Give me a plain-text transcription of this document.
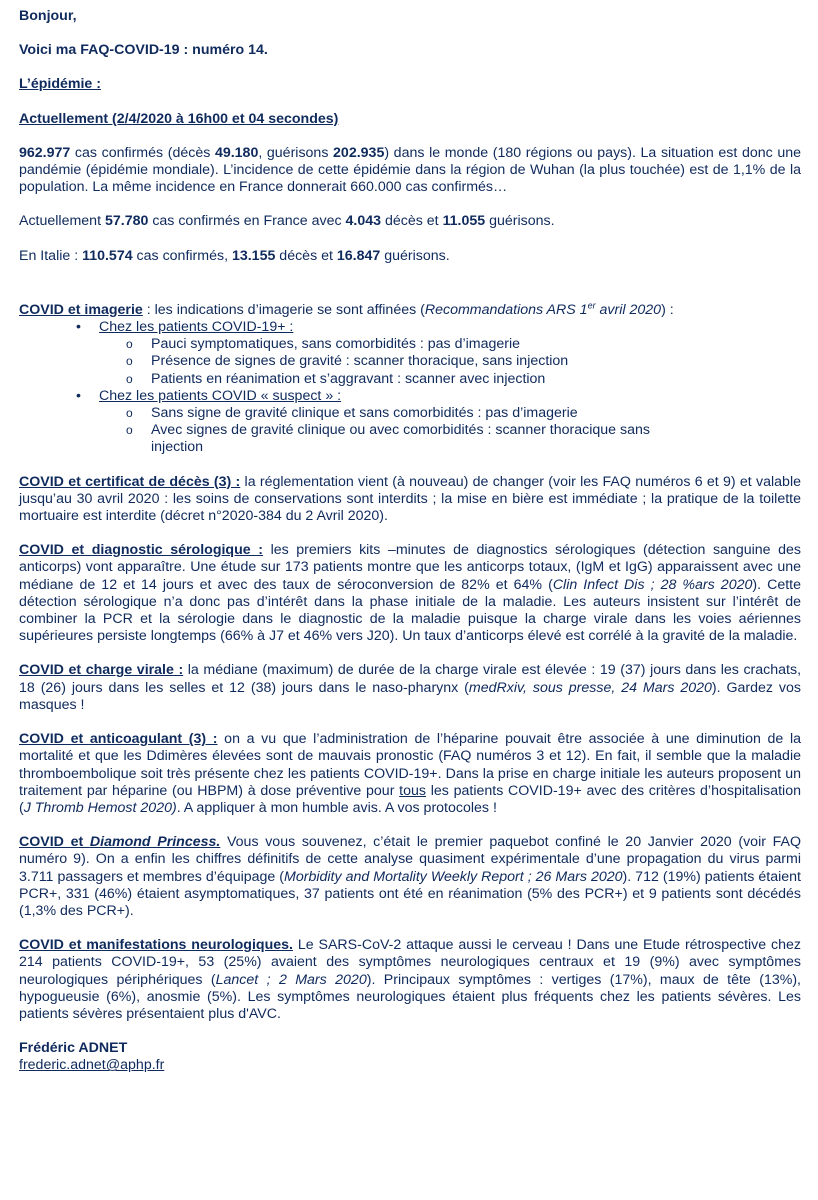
Bonjour,

Voici ma FAQ-COVID-19 : numéro 14.

L’épidémie :

Actuellement (2/4/2020 à 16h00 et 04 secondes)

962.977 cas confirmés (décès 49.180, guérisons 202.935) dans le monde (180 régions ou pays). La situation est donc une pandémie (épidémie mondiale). L’incidence de cette épidémie dans la région de Wuhan (la plus touchée) est de 1,1% de la population. La même incidence en France donnerait 660.000 cas confirmés…

Actuellement 57.780 cas confirmés en France avec 4.043 décès et 11.055 guérisons.

En Italie : 110.574 cas confirmés, 13.155 décès et 16.847 guérisons.

COVID et imagerie : les indications d’imagerie se sont affinées (Recommandations ARS 1er avril 2020) :

• Chez les patients COVID-19+ :
o Pauci symptomatiques, sans comorbidités : pas d’imagerie
o Présence de signes de gravité : scanner thoracique, sans injection
o Patients en réanimation et s’aggravant : scanner avec injection
• Chez les patients COVID « suspect » :
o Sans signe de gravité clinique et sans comorbidités : pas d’imagerie
o Avec signes de gravité clinique ou avec comorbidités : scanner thoracique sans injection

COVID et certificat de décès (3) : la réglementation vient (à nouveau) de changer (voir les FAQ numéros 6 et 9) et valable jusqu’au 30 avril 2020 : les soins de conservations sont interdits ; la mise en bière est immédiate ; la pratique de la toilette mortuaire est interdite (décret n°2020-384 du 2 Avril 2020).

COVID et diagnostic sérologique : les premiers kits –minutes de diagnostics sérologiques (détection sanguine des anticorps) vont apparaître. Une étude sur 173 patients montre que les anticorps totaux, (IgM et IgG) apparaissent avec une médiane de 12 et 14 jours et avec des taux de séroconversion de 82% et 64% (Clin Infect Dis ; 28 %ars 2020). Cette détection sérologique n’a donc pas d’intérêt dans la phase initiale de la maladie. Les auteurs insistent sur l’intérêt de combiner la PCR et la sérologie dans le diagnostic de la maladie puisque la charge virale dans les voies aériennes supérieures persiste longtemps (66% à J7 et 46% vers J20). Un taux d’anticorps élevé est corrélé à la gravité de la maladie.

COVID et charge virale : la médiane (maximum) de durée de la charge virale est élevée : 19 (37) jours dans les crachats, 18 (26) jours dans les selles et 12 (38) jours dans le naso-pharynx (medRxiv, sous presse, 24 Mars 2020). Gardez vos masques !

COVID et anticoagulant (3) : on a vu que l’administration de l’héparine pouvait être associée à une diminution de la mortalité et que les Ddimères élevées sont de mauvais pronostic (FAQ numéros 3 et 12). En fait, il semble que la maladie thromboembolique soit très présente chez les patients COVID-19+. Dans la prise en charge initiale les auteurs proposent un traitement par héparine (ou HBPM) à dose préventive pour tous les patients COVID-19+ avec des critères d’hospitalisation (J Thromb Hemost 2020). A appliquer à mon humble avis. A vos protocoles !

COVID et Diamond Princess. Vous vous souvenez, c’était le premier paquebot confiné le 20 Janvier 2020 (voir FAQ numéro 9). On a enfin les chiffres définitifs de cette analyse quasiment expérimentale d’une propagation du virus parmi 3.711 passagers et membres d’équipage (Morbidity and Mortality Weekly Report ; 26 Mars 2020). 712 (19%) patients étaient PCR+, 331 (46%) étaient asymptomatiques, 37 patients ont été en réanimation (5% des PCR+) et 9 patients sont décédés (1,3% des PCR+).

COVID et manifestations neurologiques. Le SARS-CoV-2 attaque aussi le cerveau ! Dans une Etude rétrospective chez 214 patients COVID-19+, 53 (25%) avaient des symptômes neurologiques centraux et 19 (9%) avec symptômes neurologiques périphériques (Lancet ; 2 Mars 2020). Principaux symptômes : vertiges (17%), maux de tête (13%), hypogueusie (6%), anosmie (5%). Les symptômes neurologiques étaient plus fréquents chez les patients sévères. Les patients sévères présentaient plus d'AVC.

Frédéric ADNET

frederic.adnet@aphp.fr
